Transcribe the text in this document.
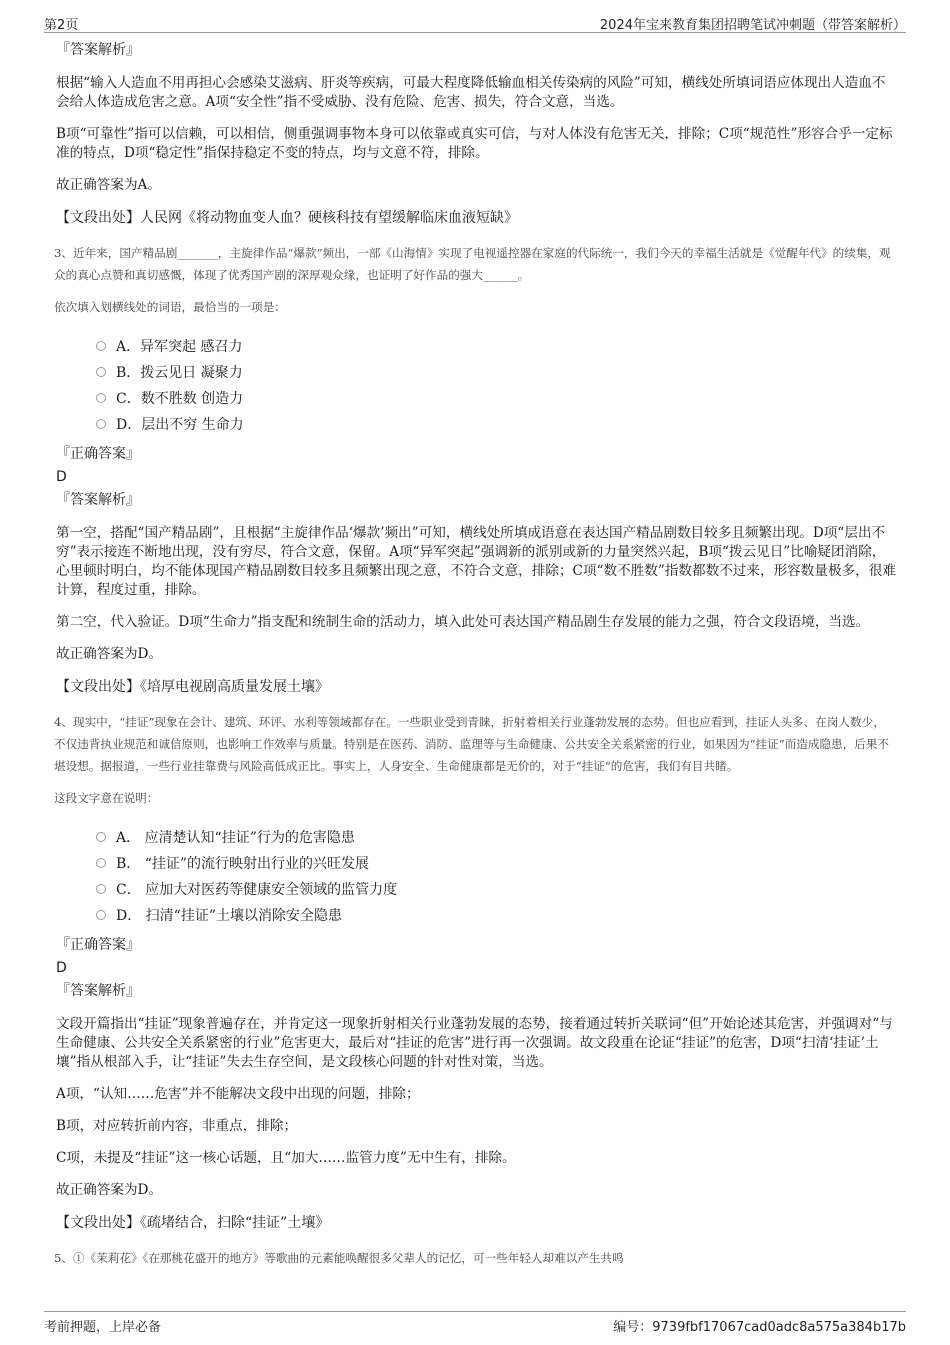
第2页	2024年宝来教育集团招聘笔试冲刺题（带答案解析）
『答案解析』

根据“输入人造血不用再担心会感染艾滋病、肝炎等疾病，可最大程度降低输血相关传染病的风险”可知，横线处所填词语应体现出人造血不会给人体造成危害之意。A项“安全性”指不受威胁、没有危险、危害、损失，符合文意，当选。

B项“可靠性”指可以信赖，可以相信，侧重强调事物本身可以依靠或真实可信，与对人体没有危害无关，排除；C项“规范性”形容合乎一定标准的特点，D项“稳定性”指保持稳定不变的特点，均与文意不符，排除。

故正确答案为A。

【文段出处】人民网《将动物血变人血？硬核科技有望缓解临床血液短缺》

3、近年来，国产精品剧_______，主旋律作品“爆款”频出，一部《山海情》实现了电视遥控器在家庭的代际统一，我们今天的幸福生活就是《觉醒年代》的续集，观众的真心点赞和真切感慨，体现了优秀国产剧的深厚观众缘，也证明了好作品的强大______。

依次填入划横线处的词语，最恰当的一项是：

A．异军突起 感召力
B．拨云见日 凝聚力
C．数不胜数 创造力
D．层出不穷 生命力
『正确答案』
D
『答案解析』

第一空，搭配“国产精品剧”，且根据“主旋律作品‘爆款’频出”可知，横线处所填成语意在表达国产精品剧数目较多且频繁出现。D项“层出不穷”表示接连不断地出现，没有穷尽，符合文意，保留。A项“异军突起”强调新的派别或新的力量突然兴起，B项“拨云见日”比喻疑团消除，心里顿时明白，均不能体现国产精品剧数目较多且频繁出现之意，不符合文意，排除；C项“数不胜数”指数都数不过来，形容数量极多，很难计算，程度过重，排除。

第二空，代入验证。D项“生命力”指支配和统制生命的活动力，填入此处可表达国产精品剧生存发展的能力之强，符合文段语境，当选。

故正确答案为D。

【文段出处】《培厚电视剧高质量发展土壤》

4、现实中，“挂证”现象在会计、建筑、环评、水利等领域都存在。一些职业受到青睐，折射着相关行业蓬勃发展的态势。但也应看到，挂证人头多、在岗人数少，不仅违背执业规范和诚信原则，也影响工作效率与质量。特别是在医药、消防、监理等与生命健康、公共安全关系紧密的行业，如果因为“挂证”而造成隐患，后果不堪设想。据报道，一些行业挂靠费与风险高低成正比。事实上，人身安全、生命健康都是无价的，对于“挂证”的危害，我们有目共睹。

这段文字意在说明：

A． 应清楚认知“挂证”行为的危害隐患
B． “挂证”的流行映射出行业的兴旺发展
C． 应加大对医药等健康安全领域的监管力度
D． 扫清“挂证”土壤以消除安全隐患
『正确答案』
D
『答案解析』

文段开篇指出“挂证”现象普遍存在，并肯定这一现象折射相关行业蓬勃发展的态势，接着通过转折关联词“但”开始论述其危害，并强调对“与生命健康、公共安全关系紧密的行业”危害更大，最后对“挂证的危害”进行再一次强调。故文段重在论证“挂证”的危害，D项“扫清‘挂证’土壤”指从根部入手，让“挂证”失去生存空间，是文段核心问题的针对性对策，当选。

A项，“认知……危害”并不能解决文段中出现的问题，排除；

B项，对应转折前内容，非重点，排除；

C项，未提及“挂证”这一核心话题，且“加大……监管力度”无中生有，排除。

故正确答案为D。

【文段出处】《疏堵结合，扫除“挂证”土壤》

5、①《茉莉花》《在那桃花盛开的地方》等歌曲的元素能唤醒很多父辈人的记忆，可一些年轻人却难以产生共鸣

考前押题，上岸必备	编号：9739fbf17067cad0adc8a575a384b17b
